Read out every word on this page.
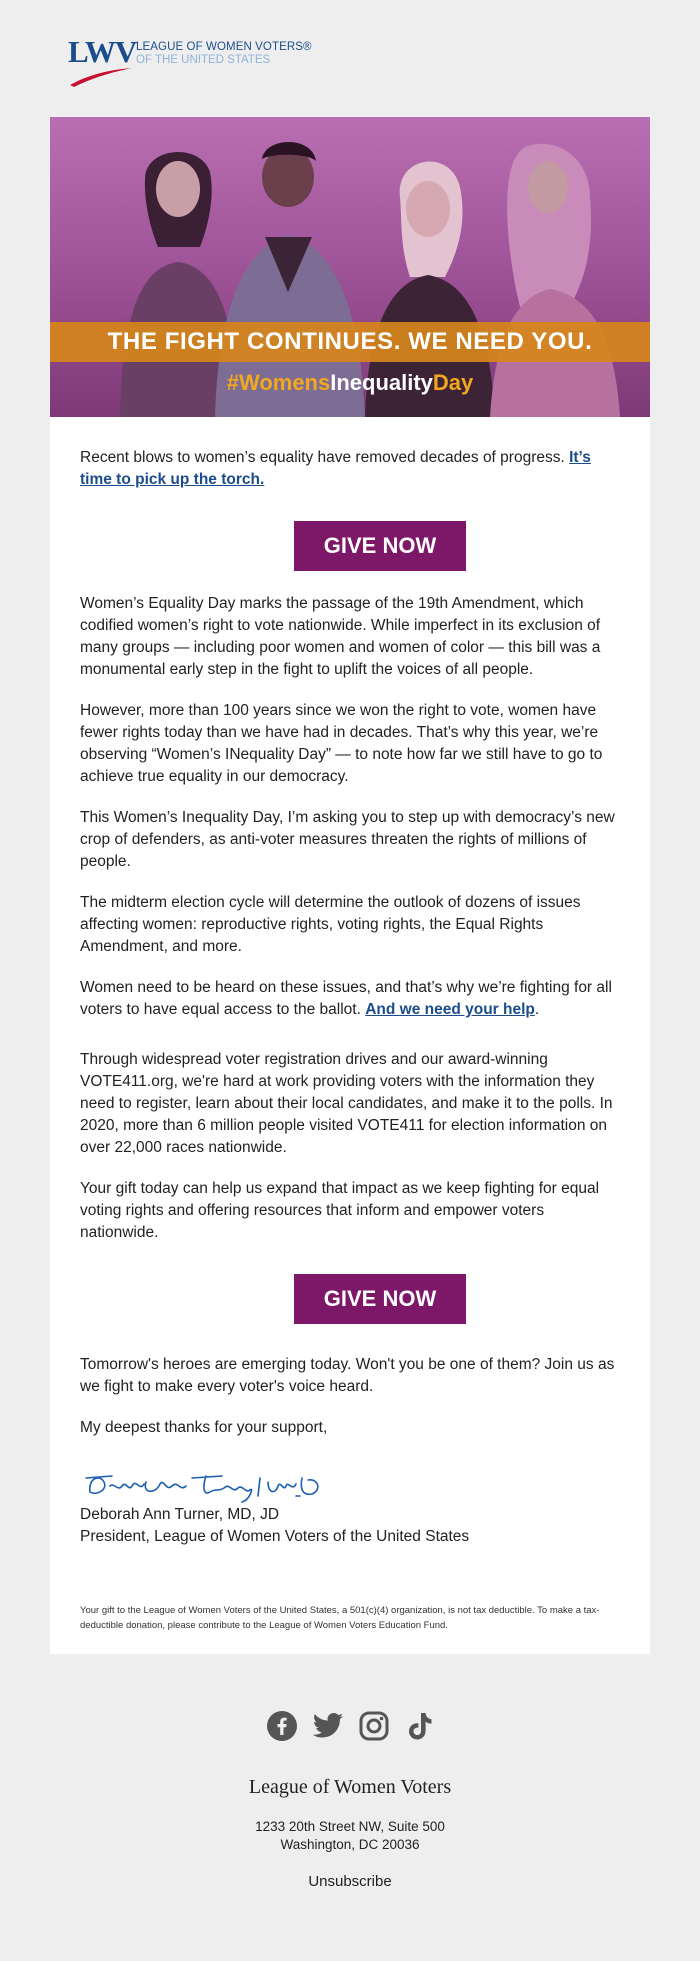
LWV LEAGUE OF WOMEN VOTERS®
OF THE UNITED STATES
THE FIGHT CONTINUES. WE NEED YOU.
#WomensInequalityDay

Recent blows to women’s equality have removed decades of progress. It’s time to pick up the torch.

GIVE NOW

Women’s Equality Day marks the passage of the 19th Amendment, which codified women’s right to vote nationwide. While imperfect in its exclusion of many groups — including poor women and women of color — this bill was a monumental early step in the fight to uplift the voices of all people.

However, more than 100 years since we won the right to vote, women have fewer rights today than we have had in decades. That’s why this year, we’re observing “Women’s INequality Day” — to note how far we still have to go to achieve true equality in our democracy.

This Women’s Inequality Day, I’m asking you to step up with democracy’s new crop of defenders, as anti-voter measures threaten the rights of millions of people.

The midterm election cycle will determine the outlook of dozens of issues affecting women: reproductive rights, voting rights, the Equal Rights Amendment, and more.

Women need to be heard on these issues, and that’s why we’re fighting for all voters to have equal access to the ballot. And we need your help.

Through widespread voter registration drives and our award-winning VOTE411.org, we're hard at work providing voters with the information they need to register, learn about their local candidates, and make it to the polls. In 2020, more than 6 million people visited VOTE411 for election information on over 22,000 races nationwide.

Your gift today can help us expand that impact as we keep fighting for equal voting rights and offering resources that inform and empower voters nationwide.

GIVE NOW

Tomorrow's heroes are emerging today. Won't you be one of them? Join us as we fight to make every voter's voice heard.

My deepest thanks for your support,

Deborah Ann Turner, MD, JD

President, League of Women Voters of the United States

Your gift to the League of Women Voters of the United States, a 501(c)(4) organization, is not tax deductible. To make a tax- deductible donation, please contribute to the League of Women Voters Education Fund.

League of Women Voters
1233 20th Street NW, Suite 500
Washington, DC 20036
Unsubscribe
